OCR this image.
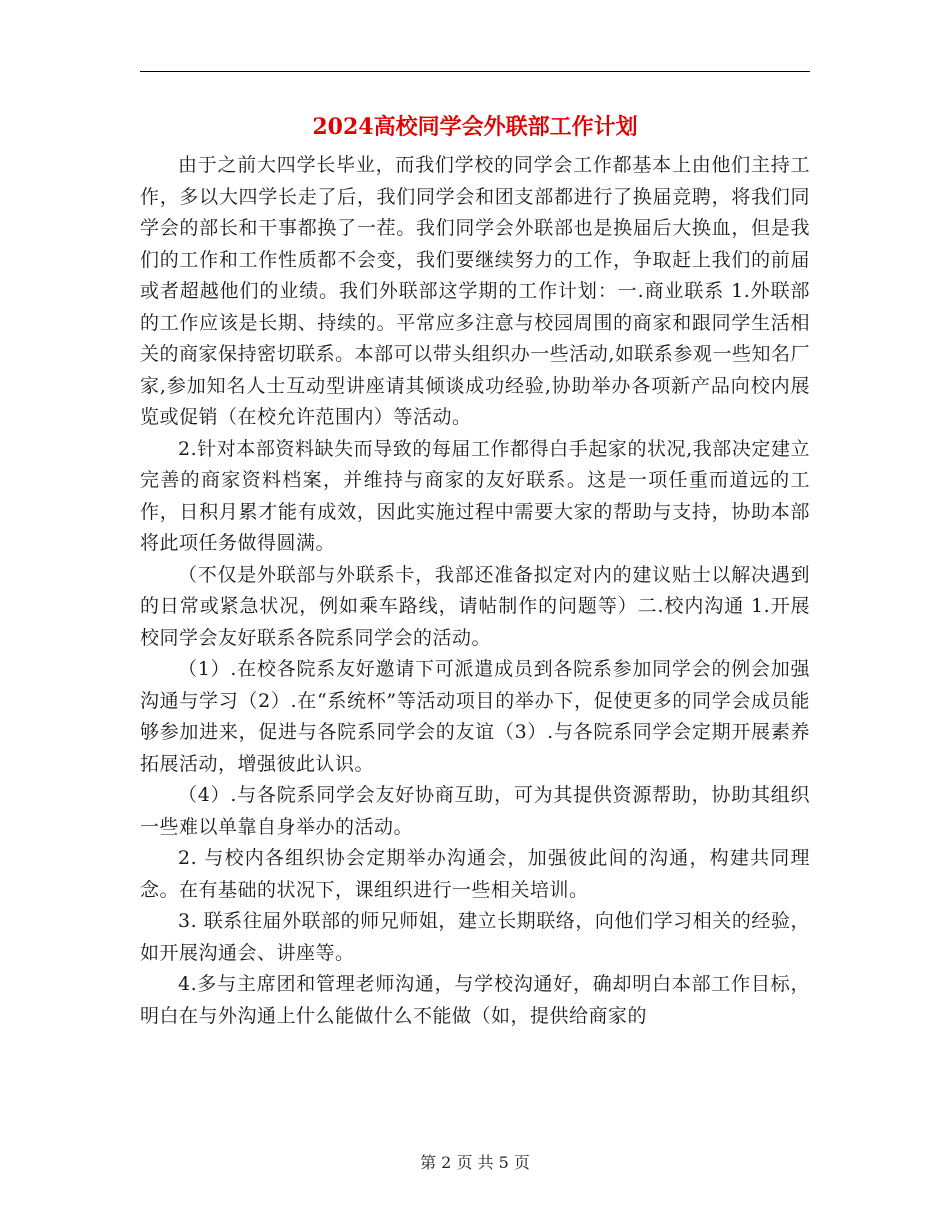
2024高校同学会外联部工作计划

由于之前大四学长毕业，而我们学校的同学会工作都基本上由他们主持工作，多以大四学长走了后，我们同学会和团支部都进行了换届竞聘，将我们同学会的部长和干事都换了一茬。我们同学会外联部也是换届后大换血，但是我们的工作和工作性质都不会变，我们要继续努力的工作，争取赶上我们的前届或者超越他们的业绩。我们外联部这学期的工作计划：一.商业联系 1.外联部的工作应该是长期、持续的。平常应多注意与校园周围的商家和跟同学生活相关的商家保持密切联系。本部可以带头组织办一些活动,如联系参观一些知名厂家,参加知名人士互动型讲座请其倾谈成功经验,协助举办各项新产品向校内展览或促销（在校允许范围内）等活动。

2.针对本部资料缺失而导致的每届工作都得白手起家的状况,我部决定建立完善的商家资料档案，并维持与商家的友好联系。这是一项任重而道远的工作，日积月累才能有成效，因此实施过程中需要大家的帮助与支持，协助本部将此项任务做得圆满。

（不仅是外联部与外联系卡，我部还准备拟定对内的建议贴士以解决遇到的日常或紧急状况，例如乘车路线，请帖制作的问题等）二.校内沟通 1.开展校同学会友好联系各院系同学会的活动。

（1）.在校各院系友好邀请下可派遣成员到各院系参加同学会的例会加强沟通与学习（2）.在“系统杯”等活动项目的举办下，促使更多的同学会成员能够参加进来，促进与各院系同学会的友谊（3）.与各院系同学会定期开展素养拓展活动，增强彼此认识。

（4）.与各院系同学会友好协商互助，可为其提供资源帮助，协助其组织一些难以单靠自身举办的活动。

2. 与校内各组织协会定期举办沟通会，加强彼此间的沟通，构建共同理念。在有基础的状况下，课组织进行一些相关培训。

3. 联系往届外联部的师兄师姐，建立长期联络，向他们学习相关的经验，如开展沟通会、讲座等。

4.多与主席团和管理老师沟通，与学校沟通好，确却明白本部工作目标，明白在与外沟通上什么能做什么不能做（如，提供给商家的

第 2 页 共 5 页
